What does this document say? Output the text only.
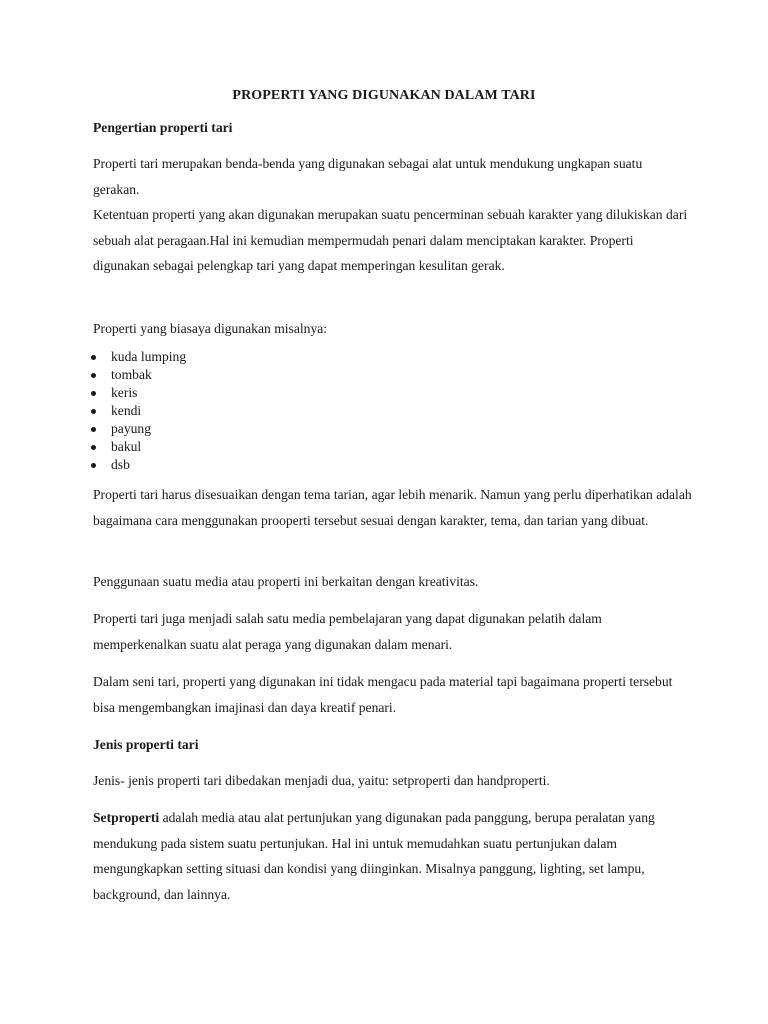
PROPERTI YANG DIGUNAKAN DALAM TARI
Pengertian properti tari
Properti tari merupakan benda-benda yang digunakan sebagai alat untuk mendukung ungkapan suatu gerakan.
Ketentuan properti yang akan digunakan merupakan suatu pencerminan sebuah karakter yang dilukiskan dari sebuah alat peragaan.Hal ini kemudian mempermudah penari dalam menciptakan karakter. Properti digunakan sebagai pelengkap tari yang dapat memperingan kesulitan gerak.
Properti yang biasaya digunakan misalnya:
kuda lumping
tombak
keris
kendi
payung
bakul
dsb
Properti tari harus disesuaikan dengan tema tarian, agar lebih menarik. Namun yang perlu diperhatikan adalah bagaimana cara menggunakan prooperti tersebut sesuai dengan karakter, tema, dan tarian yang dibuat.
Penggunaan suatu media atau properti ini berkaitan dengan kreativitas.
Properti tari juga menjadi salah satu media pembelajaran yang dapat digunakan pelatih dalam memperkenalkan suatu alat peraga yang digunakan dalam menari.
Dalam seni tari, properti yang digunakan ini tidak mengacu pada material tapi bagaimana properti tersebut bisa mengembangkan imajinasi dan daya kreatif penari.
Jenis properti tari
Jenis- jenis properti tari dibedakan menjadi dua, yaitu: setproperti dan handproperti.
Setproperti adalah media atau alat pertunjukan yang digunakan pada panggung, berupa peralatan yang mendukung pada sistem suatu pertunjukan. Hal ini untuk memudahkan suatu pertunjukan dalam mengungkapkan setting situasi dan kondisi yang diinginkan. Misalnya panggung, lighting, set lampu, background, dan lainnya.
